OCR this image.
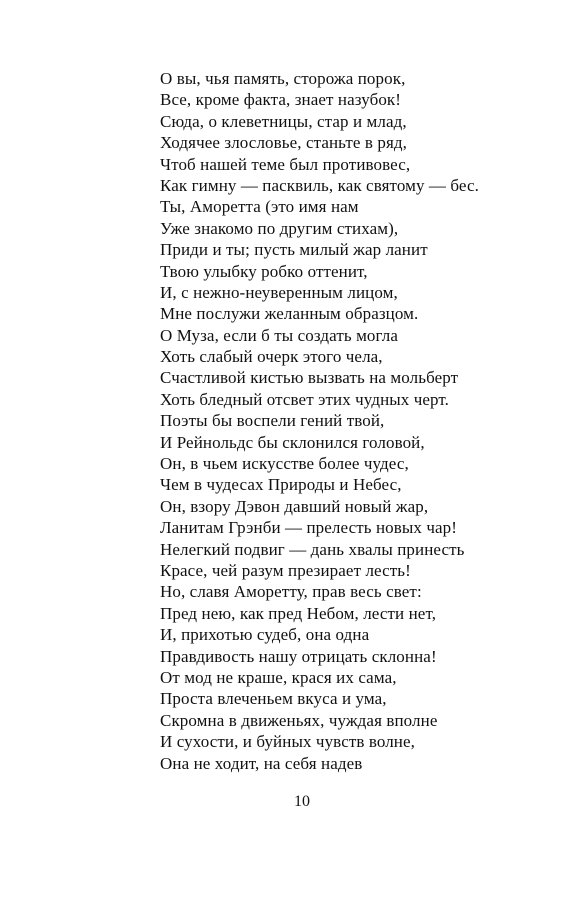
О вы, чья память, сторожа порок,
Все, кроме факта, знает назубок!
Сюда, о клеветницы, стар и млад,
Ходячее злословье, станьте в ряд,
Чтоб нашей теме был противовес,
Как гимну — пасквиль, как святому — бес.
Ты, Аморетта (это имя нам
Уже знакомо по другим стихам),
Приди и ты; пусть милый жар ланит
Твою улыбку робко оттенит,
И, с нежно-неуверенным лицом,
Мне послужи желанным образцом.
О Муза, если б ты создать могла
Хоть слабый очерк этого чела,
Счастливой кистью вызвать на мольберт
Хоть бледный отсвет этих чудных черт.
Поэты бы воспели гений твой,
И Рейнольдс бы склонился головой,
Он, в чьем искусстве более чудес,
Чем в чудесах Природы и Небес,
Он, взору Дэвон давший новый жар,
Ланитам Грэнби — прелесть новых чар!
Нелегкий подвиг — дань хвалы принесть
Красе, чей разум презирает лесть!
Но, славя Аморетту, прав весь свет:
Пред нею, как пред Небом, лести нет,
И, прихотью судеб, она одна
Правдивость нашу отрицать склонна!
От мод не краше, крася их сама,
Проста влеченьем вкуса и ума,
Скромна в движеньях, чуждая вполне
И сухости, и буйных чувств волне,
Она не ходит, на себя надев
10
